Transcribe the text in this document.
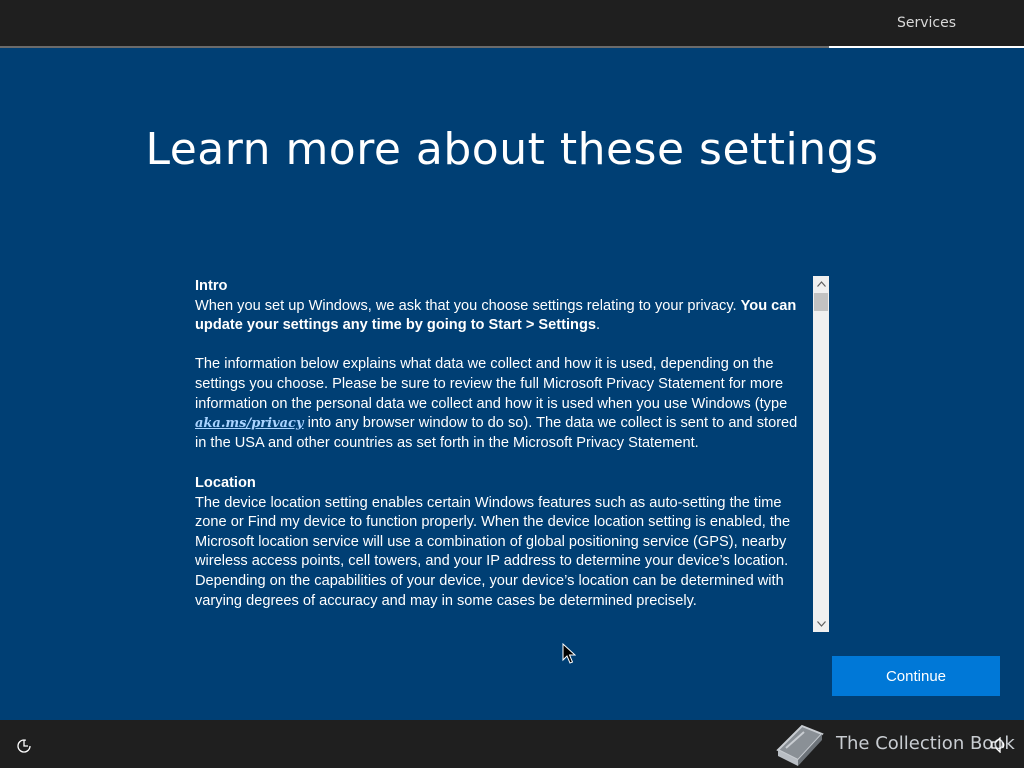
Services
Learn more about these settings
Intro

When you set up Windows, we ask that you choose settings relating to your privacy. You can update your settings any time by going to Start > Settings.

The information below explains what data we collect and how it is used, depending on the settings you choose. Please be sure to review the full Microsoft Privacy Statement for more information on the personal data we collect and how it is used when you use Windows (type aka.ms/privacy into any browser window to do so). The data we collect is sent to and stored in the USA and other countries as set forth in the Microsoft Privacy Statement.

Location

The device location setting enables certain Windows features such as auto-setting the time zone or Find my device to function properly. When the device location setting is enabled, the Microsoft location service will use a combination of global positioning service (GPS), nearby wireless access points, cell towers, and your IP address to determine your device’s location. Depending on the capabilities of your device, your device’s location can be determined with varying degrees of accuracy and may in some cases be determined precisely.

Continue
The Collection Book
